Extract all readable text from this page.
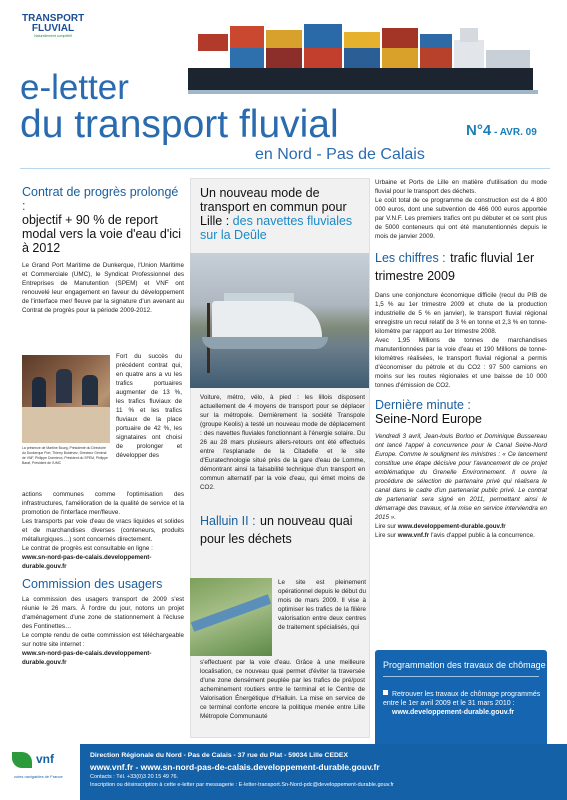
TRANSPORT
FLUVIAL
Naturellement compétitif
e-letter
du transport fluvial	N°4 - AVR. 09
en Nord - Pas de Calais
Contrat de progrès prolongé :
objectif + 90 % de report modal vers la voie d'eau d'ici à 2012

Le Grand Port Maritime de Dunkerque, l'Union Maritime et Commerciale (UMC), le Syndicat Professionnel des Entreprises de Manutention (SPEM) et VNF ont renouvelé leur engagement en faveur du développement de l'interface mer/ fleuve par la signature d'un avenant au Contrat de progrès pour la période 2009-2012.

La présence de Martine Bourg, Présidente du Directoire du Dunkerque Port, Thierry Boidevez, Directeur Général de VNF, Philippe Dormieux, Président du SPEM, Philippe Baraf, Président de l'UMC

Fort du succès du précédent contrat qui, en quatre ans a vu les trafics portuaires augmenter de 13 %, les trafics fluviaux de 11 % et les trafics fluviaux de la place portuaire de 42 %, les signataires ont choisi de prolonger et développer des

actions communes comme l'optimisation des infrastructures, l'amélioration de la qualité de service et la promotion de l'interface mer/fleuve.

Les transports par voie d'eau de vracs liquides et solides et de marchandises diverses (conteneurs, produits métallurgiques…) sont concernés directement.

Le contrat de progrès est consultable en ligne :

www.sn-nord-pas-de-calais.developpement-durable.gouv.fr

Commission des usagers

La commission des usagers transport de 2009 s'est réunie le 26 mars. À l'ordre du jour, notons un projet d'aménagement d'une zone de stationnement à l'écluse des Fontinettes…

Le compte rendu de cette commission est téléchargeable sur notre site internet :

www.sn-nord-pas-de-calais.developpement-durable.gouv.fr

Un nouveau mode de transport en commun pour Lille : des navettes fluviales sur la Deûle

Voiture, métro, vélo, à pied : les lillois disposent actuellement de 4 moyens de transport pour se déplacer sur la métropole. Dernièrement la société Transpole (groupe Keolis) a testé un nouveau mode de déplacement : des navettes fluviales fonctionnant à l'énergie solaire. Du 26 au 28 mars plusieurs allers-retours ont été effectués entre l'esplanade de la Citadelle et le site d'Euratechnologie situé près de la gare d'eau de Lomme, démontrant ainsi la faisabilité technique d'un transport en commun alternatif par la voie d'eau, qui émet moins de CO2.

Halluin II : un nouveau quai pour les déchets

Le site est pleinement opérationnel depuis le début du mois de mars 2009. Il vise à optimiser les trafics de la filière valorisation entre deux centres de traitement spécialisés, qui

s'effectuent par la voie d'eau. Grâce à une meilleure localisation, ce nouveau quai permet d'éviter la traversée d'une zone densément peuplée par les trafics de pré/post acheminement routiers entre le terminal et le Centre de Valorisation Énergétique d'Halluin. La mise en service de ce terminal conforte encore la politique menée entre Lille Métropole Communauté

Urbaine et Ports de Lille en matière d'utilisation du mode fluvial pour le transport des déchets.

Le coût total de ce programme de construction est de 4 800 000 euros, dont une subvention de 466 000 euros apportée par V.N.F. Les premiers trafics ont pu débuter et ce sont plus de 5000 conteneurs qui ont été manutentionnés depuis le mois de janvier 2009.

Les chiffres : trafic fluvial 1er trimestre 2009

Dans une conjoncture économique difficile (recul du PIB de 1,5 % au 1er trimestre 2009 et chute de la production industrielle de 5 % en janvier), le transport fluvial régional enregistre un recul relatif de 3 % en tonne et 2,3 % en tonne-kilomètre par rapport au 1er trimestre 2008.

Avec 1,95 Millions de tonnes de marchandises manutentionnées par la voie d'eau et 190 Millions de tonne-kilomètres réalisées, le transport fluvial régional a permis d'économiser du pétrole et du CO2 : 97 500 camions en moins sur les routes régionales et une baisse de 10 000 tonnes d'émission de CO2.

Dernière minute :
Seine-Nord Europe

Vendredi 3 avril, Jean-louis Borloo et Dominique Bussereau ont lancé l'appel à concurrence pour le Canal Seine-Nord Europe. Comme le soulignent les ministres : « Ce lancement constitue une étape décisive pour l'avancement de ce projet emblématique du Grenelle Environnement. Il ouvre la procédure de sélection de partenaire privé qui réalisera le canal dans le cadre d'un partenariat public privé. Le contrat de partenariat sera signé en 2011, permettant ainsi le démarrage des travaux, et la mise en service interviendra en 2015 ».

Lire sur www.developpement-durable.gouv.fr

Lire sur www.vnf.fr l'avis d'appel public à la concurrence.

Programmation des travaux de chômage
Retrouver les travaux de chômage programmés entre le 1er avril 2009 et le 31 mars 2010 :
www.developpement-durable.gouv.fr
vnf
voies navigables de France
Direction Régionale du Nord - Pas de Calais - 37 rue du Plat - 59034 Lille CEDEX
www.vnf.fr - www.sn-nord-pas-de-calais.developpement-durable.gouv.fr
Contacts : Tél. +33(0)3 20 15 49 76.
Inscription ou désinscription à cette e-letter par messagerie : E-letter-transport.Sn-Nord-pdc@developpement-durable.gouv.fr
